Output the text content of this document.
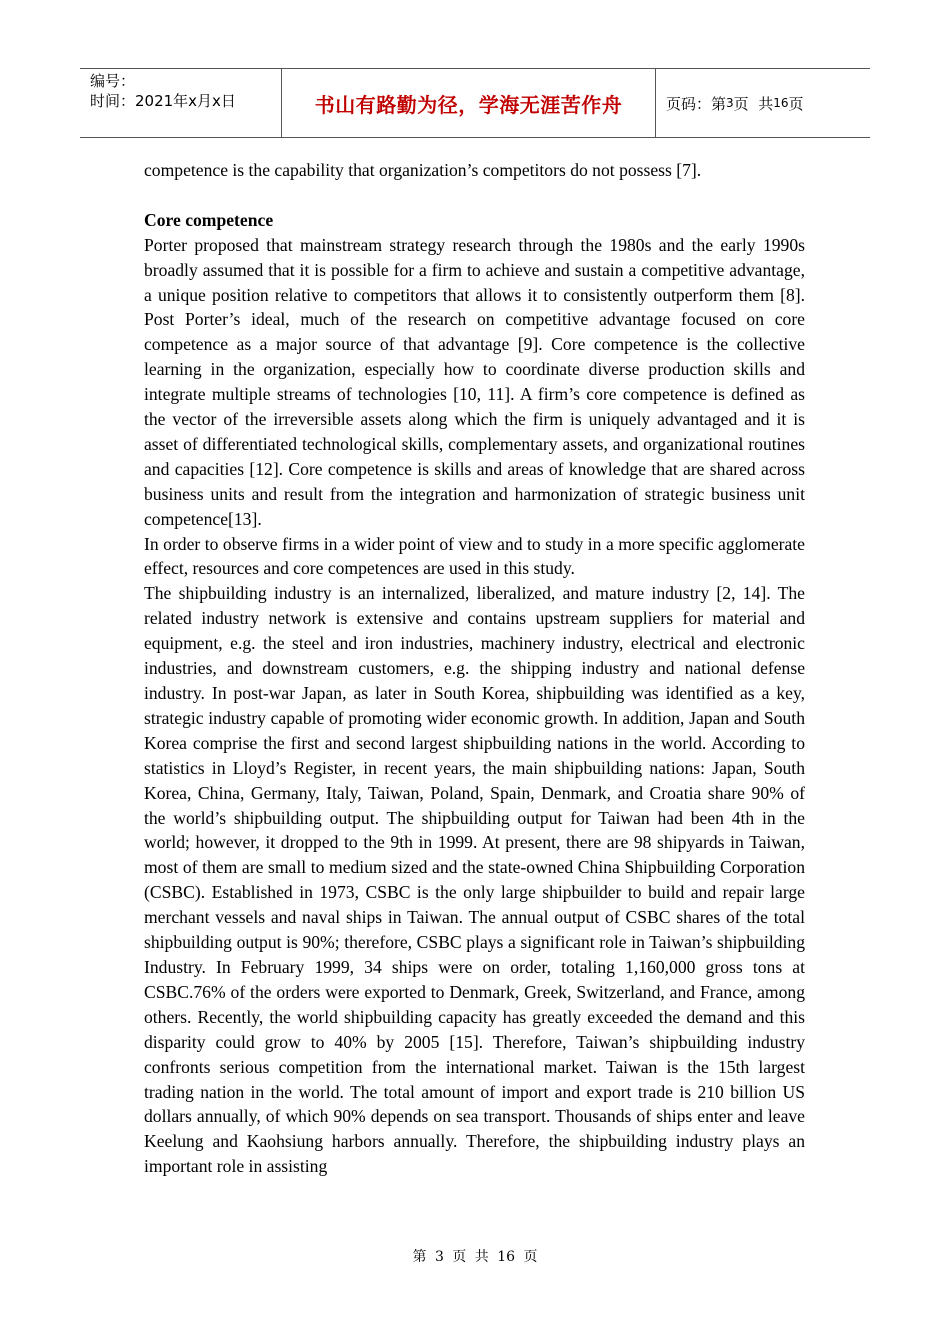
编号：
时间：2021年x月x日	书山有路勤为径，学海无涯苦作舟	页码：第 3 页  共 16 页

competence is the capability that organization’s competitors do not possess [7].

Core competence

Porter proposed that mainstream strategy research through the 1980s and the early 1990s broadly assumed that it is possible for a firm to achieve and sustain a competitive advantage, a unique position relative to competitors that allows it to consistently outperform them [8]. Post Porter’s ideal, much of the research on competitive advantage focused on core competence as a major source of that advantage [9]. Core competence is the collective learning in the organization, especially how to coordinate diverse production skills and integrate multiple streams of technologies [10, 11]. A firm’s core competence is defined as the vector of the irreversible assets along which the firm is uniquely advantaged and it is asset of differentiated technological skills, complementary assets, and organizational routines and capacities [12]. Core competence is skills and areas of knowledge that are shared across business units and result from the integration and harmonization of strategic business unit competence[13].

In order to observe firms in a wider point of view and to study in a more specific agglomerate effect, resources and core competences are used in this study.

The shipbuilding industry is an internalized, liberalized, and mature industry [2, 14]. The related industry network is extensive and contains upstream suppliers for material and equipment, e.g. the steel and iron industries, machinery industry, electrical and electronic industries, and downstream customers, e.g. the shipping industry and national defense industry. In post-war Japan, as later in South Korea, shipbuilding was identified as a key, strategic industry capable of promoting wider economic growth. In addition, Japan and South Korea comprise the first and second largest shipbuilding nations in the world. According to statistics in Lloyd’s Register, in recent years, the main shipbuilding nations: Japan, South Korea, China, Germany, Italy, Taiwan, Poland, Spain, Denmark, and Croatia share 90% of the world’s shipbuilding output. The shipbuilding output for Taiwan had been 4th in the world; however, it dropped to the 9th in 1999. At present, there are 98 shipyards in Taiwan, most of them are small to medium sized and the state-owned China Shipbuilding Corporation (CSBC). Established in 1973, CSBC is the only large shipbuilder to build and repair large merchant vessels and naval ships in Taiwan. The annual output of CSBC shares of the total shipbuilding output is 90%; therefore, CSBC plays a significant role in Taiwan’s shipbuilding Industry. In February 1999, 34 ships were on order, totaling 1,160,000 gross tons at CSBC.76% of the orders were exported to Denmark, Greek, Switzerland, and France, among others. Recently, the world shipbuilding capacity has greatly exceeded the demand and this disparity could grow to 40% by 2005 [15]. Therefore, Taiwan’s shipbuilding industry confronts serious competition from the international market. Taiwan is the 15th largest trading nation in the world. The total amount of import and export trade is 210 billion US dollars annually, of which 90% depends on sea transport. Thousands of ships enter and leave Keelung and Kaohsiung harbors annually. Therefore, the shipbuilding industry plays an important role in assisting

第 3 页 共 16 页
